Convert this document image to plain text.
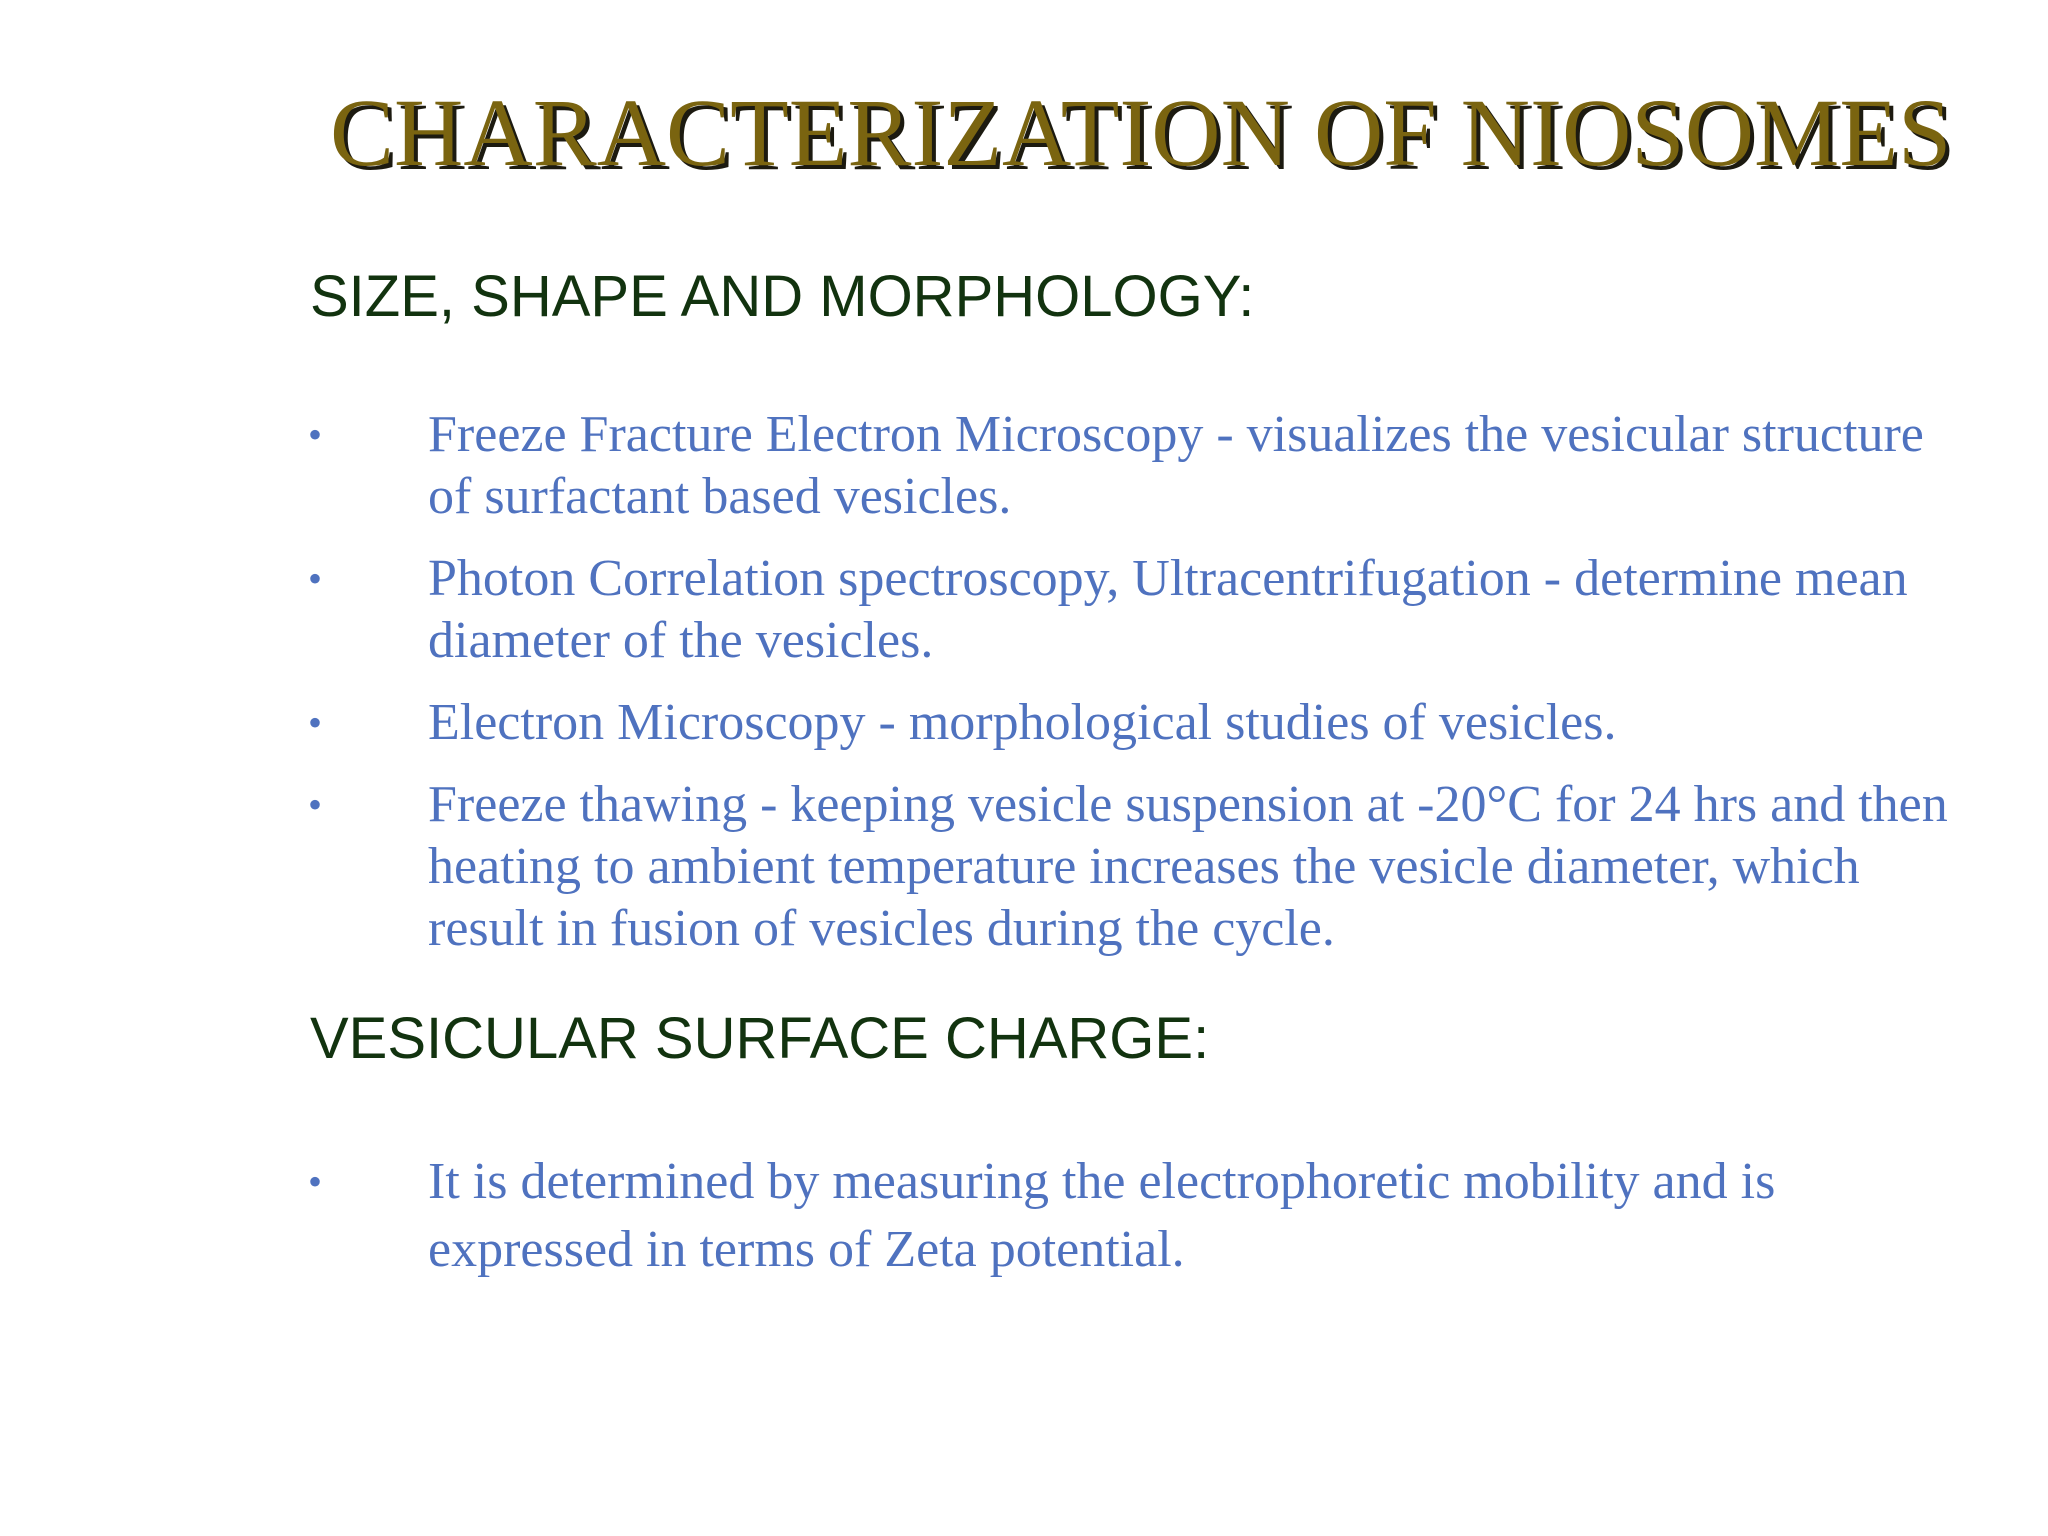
CHARACTERIZATION OF NIOSOMES
SIZE, SHAPE AND MORPHOLOGY:
• Freeze Fracture Electron Microscopy - visualizes the vesicular structure of surfactant based vesicles.
• Photon Correlation spectroscopy, Ultracentrifugation - determine mean diameter of the vesicles.
• Electron Microscopy - morphological studies of vesicles.
• Freeze thawing - keeping vesicle suspension at -20°C for 24 hrs and then heating to ambient temperature increases the vesicle diameter, which result in fusion of vesicles during the cycle.
VESICULAR SURFACE CHARGE:
• It is determined by measuring the electrophoretic mobility and is expressed in terms of Zeta potential.
